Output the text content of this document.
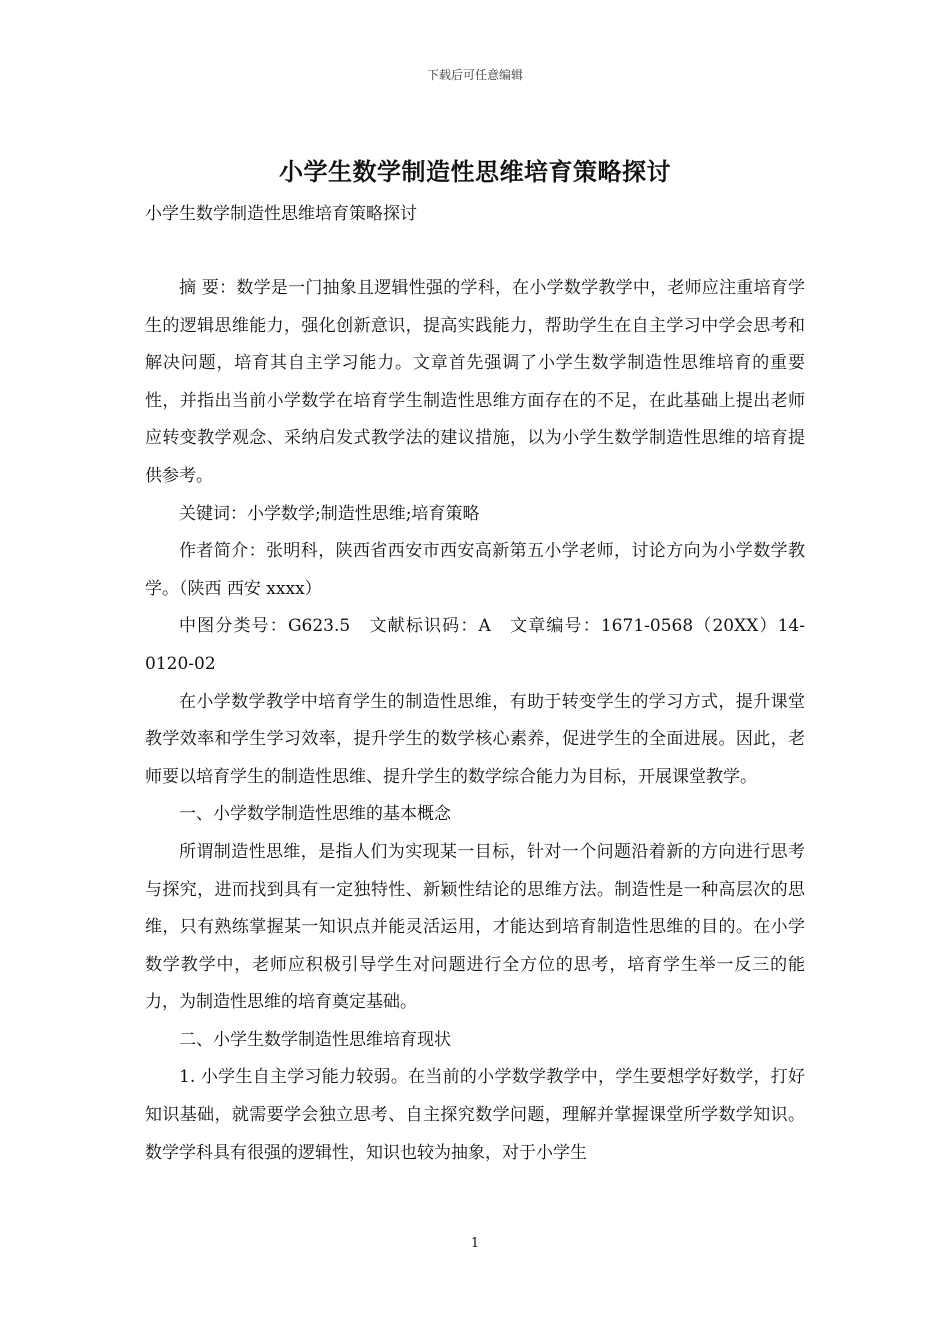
下载后可任意编辑
小学生数学制造性思维培育策略探讨
小学生数学制造性思维培育策略探讨

摘 要：数学是一门抽象且逻辑性强的学科，在小学数学教学中，老师应注重培育学生的逻辑思维能力，强化创新意识，提高实践能力，帮助学生在自主学习中学会思考和解决问题，培育其自主学习能力。文章首先强调了小学生数学制造性思维培育的重要性，并指出当前小学数学在培育学生制造性思维方面存在的不足，在此基础上提出老师应转变教学观念、采纳启发式教学法的建议措施，以为小学生数学制造性思维的培育提供参考。

关键词：小学数学;制造性思维;培育策略

作者简介：张明科，陕西省西安市西安高新第五小学老师，讨论方向为小学数学教学。（陕西 西安 xxxx）

中图分类号：G623.5　文献标识码：A　文章编号：1671-0568（20XX）14-0120-02

在小学数学教学中培育学生的制造性思维，有助于转变学生的学习方式，提升课堂教学效率和学生学习效率，提升学生的数学核心素养，促进学生的全面进展。因此，老师要以培育学生的制造性思维、提升学生的数学综合能力为目标，开展课堂教学。

一、小学数学制造性思维的基本概念

所谓制造性思维，是指人们为实现某一目标，针对一个问题沿着新的方向进行思考与探究，进而找到具有一定独特性、新颖性结论的思维方法。制造性是一种高层次的思维，只有熟练掌握某一知识点并能灵活运用，才能达到培育制造性思维的目的。在小学数学教学中，老师应积极引导学生对问题进行全方位的思考，培育学生举一反三的能力，为制造性思维的培育奠定基础。

二、小学生数学制造性思维培育现状

1. 小学生自主学习能力较弱。在当前的小学数学教学中，学生要想学好数学，打好知识基础，就需要学会独立思考、自主探究数学问题，理解并掌握课堂所学数学知识。数学学科具有很强的逻辑性，知识也较为抽象，对于小学生

1
